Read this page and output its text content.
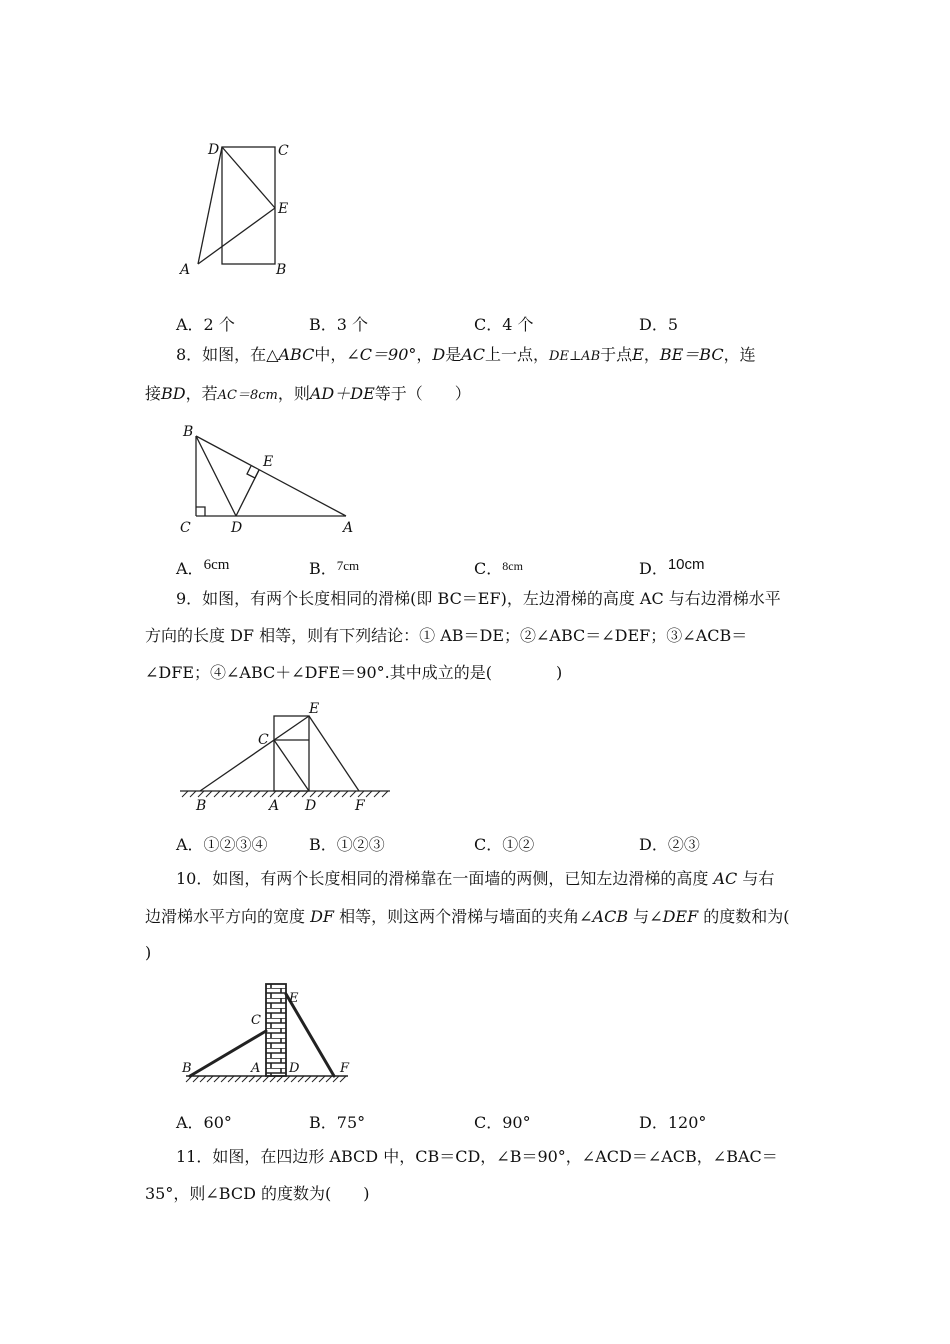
D	C
E
A	B
A．2 个	B．3 个	C．4 个	D．5
8．如图，在△ABC中，∠C＝90°，D是AC上一点，DE⊥AB于点E，BE＝BC，连
接BD，若AC＝8cm，则AD＋DE等于（　　）
B
E
C	D	A
A．6cm	B．$^{7cm}$	C．$^{8cm}$	D．10cm
9．如图，有两个长度相同的滑梯(即 BC＝EF)，左边滑梯的高度 AC 与右边滑梯水平
方向的长度 DF 相等，则有下列结论：① AB＝DE；②∠ABC＝∠DEF；③∠ACB＝
∠DFE；④∠ABC＋∠DFE＝90°.其中成立的是(　　　　)
E
C
B	A D	F
A．①②③④	B．①②③	C．①②	D．②③
10．如图，有两个长度相同的滑梯靠在一面墙的两侧，已知左边滑梯的高度 AC 与右
边滑梯水平方向的宽度 DF 相等，则这两个滑梯与墙面的夹角∠ACB 与∠DEF 的度数和为(
)
E
C
B	A D	F
A．60°	B．75°	C．90°	D．120°
11．如图，在四边形 ABCD 中，CB＝CD，∠B＝90°，∠ACD＝∠ACB，∠BAC＝
35°，则∠BCD 的度数为(　　)
